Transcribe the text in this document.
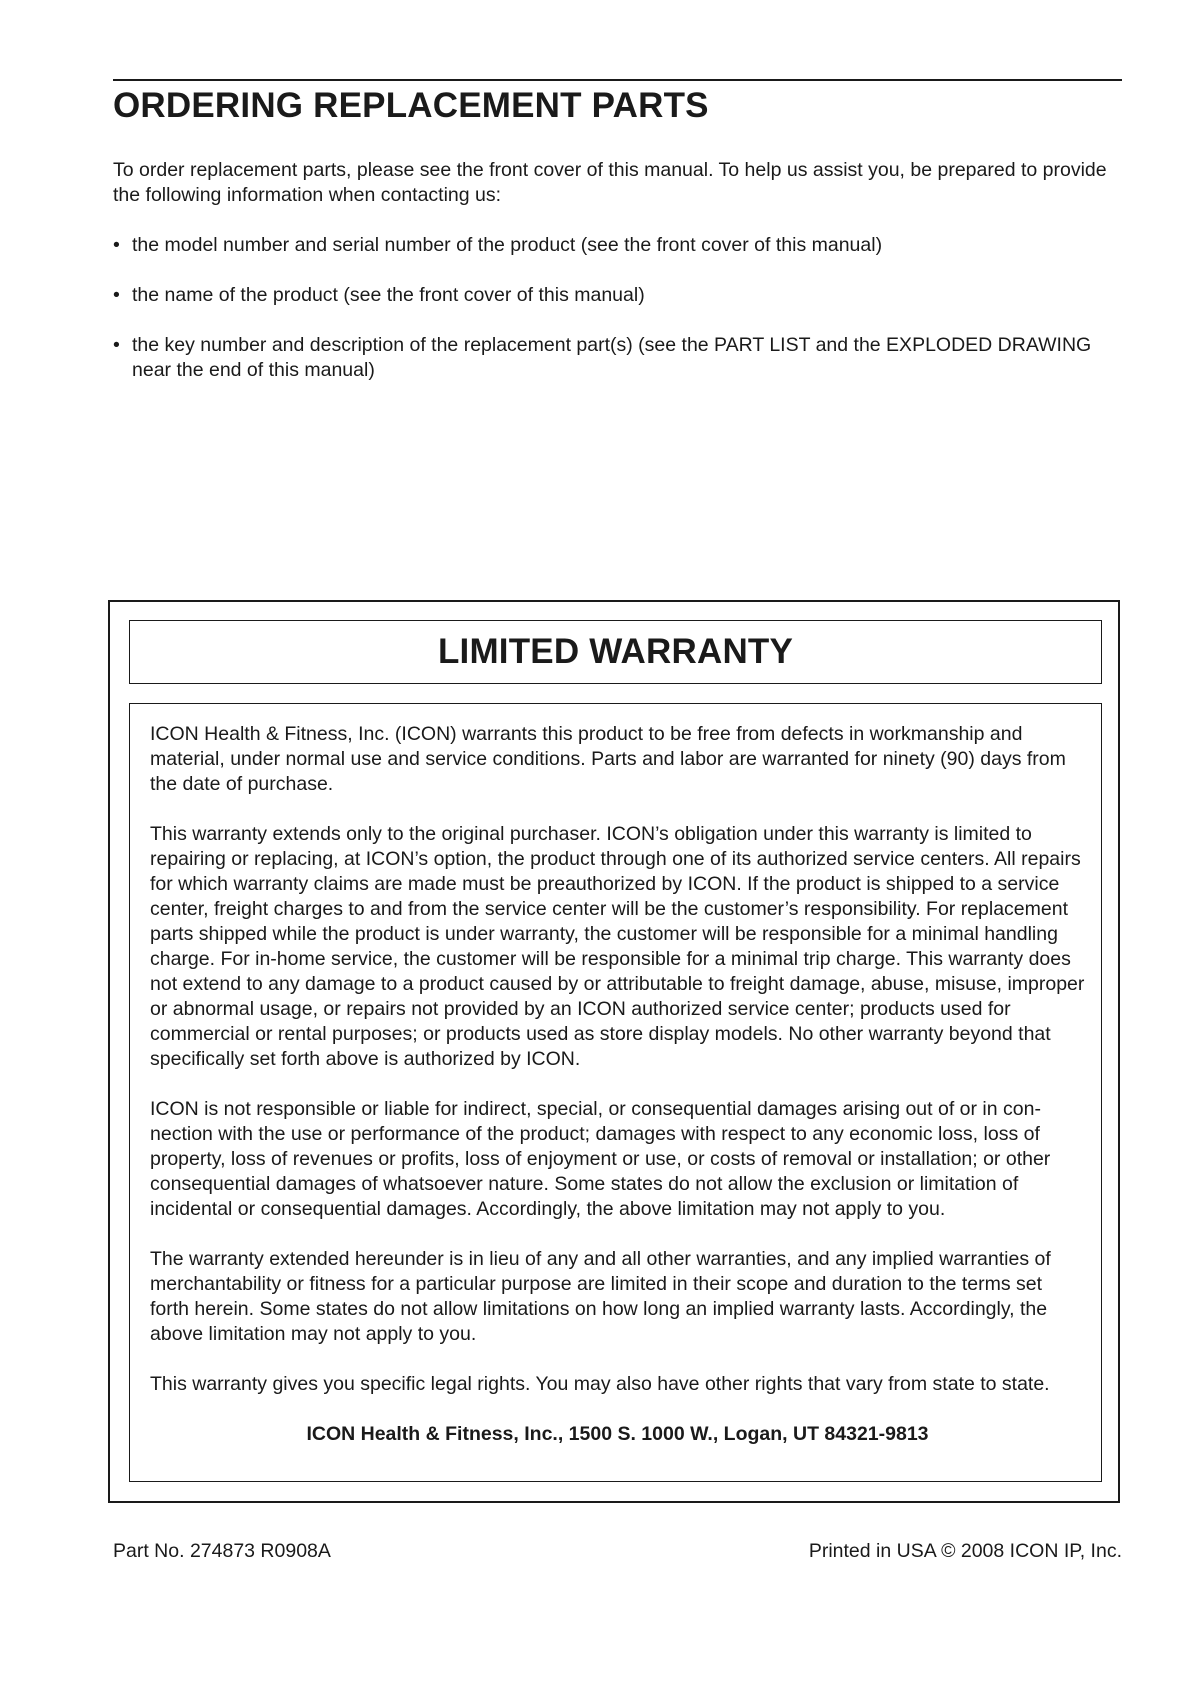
ORDERING REPLACEMENT PARTS

To order replacement parts, please see the front cover of this manual. To help us assist you, be prepared to provide the following information when contacting us:

• the model number and serial number of the product (see the front cover of this manual)
• the name of the product (see the front cover of this manual)
• the key number and description of the replacement part(s) (see the PART LIST and the EXPLODED DRAWING near the end of this manual)
LIMITED WARRANTY

ICON Health & Fitness, Inc. (ICON) warrants this product to be free from defects in workmanship and material, under normal use and service conditions. Parts and labor are warranted for ninety (90) days from the date of purchase.

This warranty extends only to the original purchaser. ICON’s obligation under this warranty is limited to repairing or replacing, at ICON’s option, the product through one of its authorized service centers. All repairs for which warranty claims are made must be preauthorized by ICON. If the product is shipped to a service center, freight charges to and from the service center will be the customer’s responsibility. For replacement parts shipped while the product is under warranty, the customer will be responsible for a minimal handling charge. For in-home service, the customer will be responsible for a minimal trip charge. This warranty does not extend to any damage to a product caused by or attributable to freight damage, abuse, misuse, improper or abnormal usage, or repairs not provided by an ICON authorized service center; products used for commercial or rental purposes; or products used as store display models. No other warranty beyond that specifically set forth above is authorized by ICON.

ICON is not responsible or liable for indirect, special, or consequential damages arising out of or in connection with the use or performance of the product; damages with respect to any economic loss, loss of property, loss of revenues or profits, loss of enjoyment or use, or costs of removal or installation; or other consequential damages of whatsoever nature. Some states do not allow the exclusion or limitation of incidental or consequential damages. Accordingly, the above limitation may not apply to you.

The warranty extended hereunder is in lieu of any and all other warranties, and any implied warranties of merchantability or fitness for a particular purpose are limited in their scope and duration to the terms set forth herein. Some states do not allow limitations on how long an implied warranty lasts. Accordingly, the above limitation may not apply to you.

This warranty gives you specific legal rights. You may also have other rights that vary from state to state.

ICON Health & Fitness, Inc., 1500 S. 1000 W., Logan, UT 84321-9813

Part No. 274873 R0908A	Printed in USA © 2008 ICON IP, Inc.
